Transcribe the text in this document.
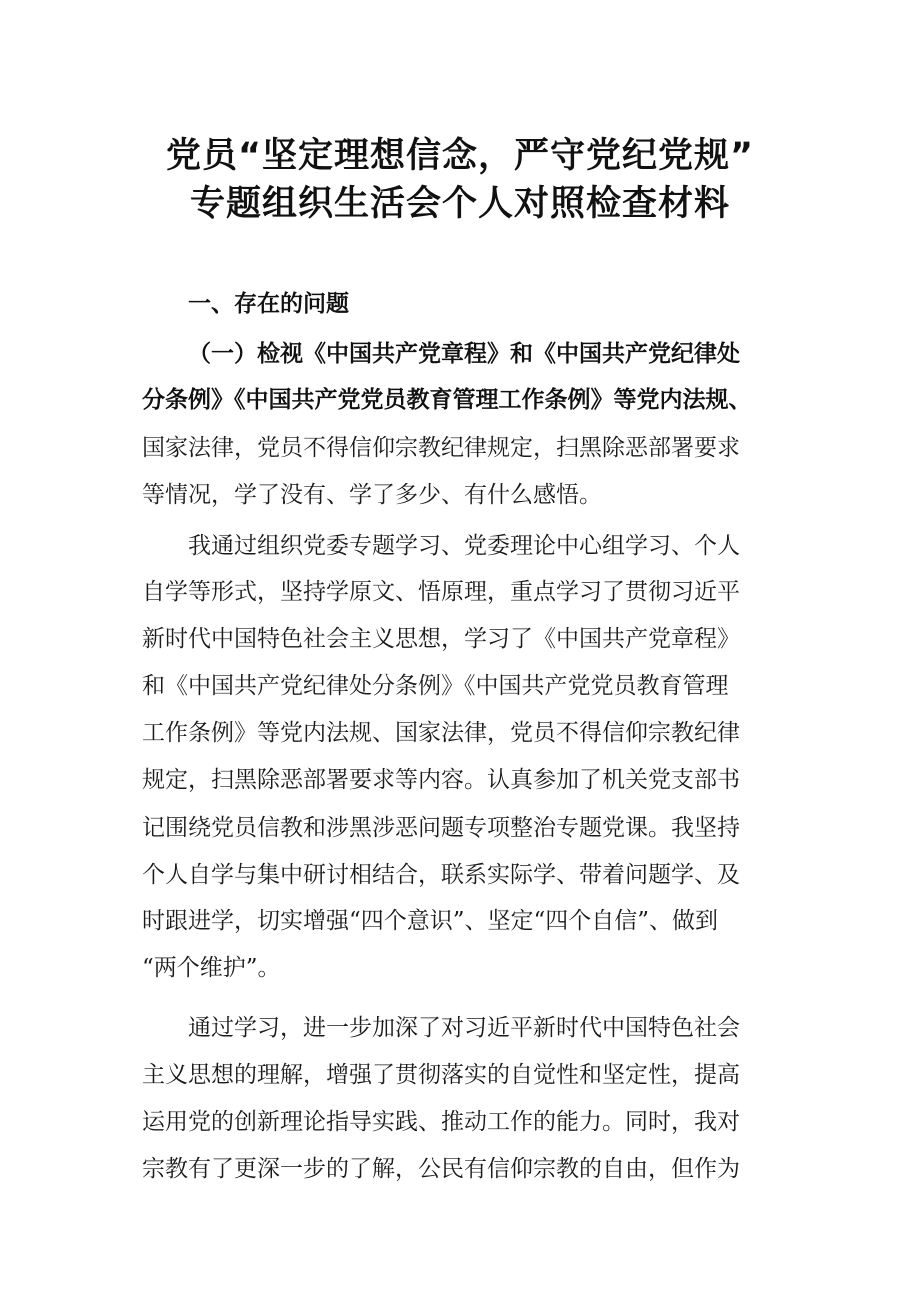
党员“坚定理想信念，严守党纪党规”
专题组织生活会个人对照检查材料
一、存在的问题
（一）检视《中国共产党章程》和《中国共产党纪律处
分条例》《中国共产党党员教育管理工作条例》等党内法规、
国家法律，党员不得信仰宗教纪律规定，扫黑除恶部署要求
等情况，学了没有、学了多少、有什么感悟。
我通过组织党委专题学习、党委理论中心组学习、个人
自学等形式，坚持学原文、悟原理，重点学习了贯彻习近平
新时代中国特色社会主义思想，学习了《中国共产党章程》
和《中国共产党纪律处分条例》《中国共产党党员教育管理
工作条例》等党内法规、国家法律，党员不得信仰宗教纪律
规定，扫黑除恶部署要求等内容。认真参加了机关党支部书
记围绕党员信教和涉黑涉恶问题专项整治专题党课。我坚持
个人自学与集中研讨相结合，联系实际学、带着问题学、及
时跟进学，切实增强“四个意识”、坚定“四个自信”、做到
“两个维护”。
通过学习，进一步加深了对习近平新时代中国特色社会
主义思想的理解，增强了贯彻落实的自觉性和坚定性，提高
运用党的创新理论指导实践、推动工作的能力。同时，我对
宗教有了更深一步的了解，公民有信仰宗教的自由，但作为
